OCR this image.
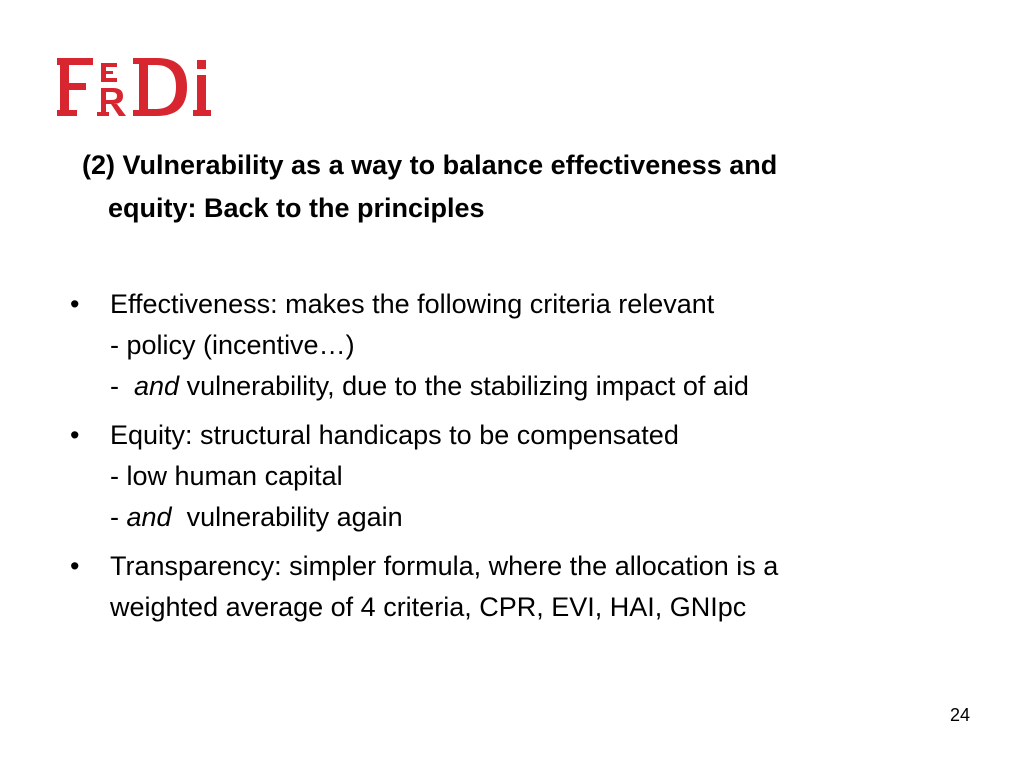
(2) Vulnerability as a way to balance effectiveness and
equity: Back to the principles
• Effectiveness: makes the following criteria relevant
- policy (incentive…)
-  and vulnerability, due to the stabilizing impact of aid
• Equity: structural handicaps to be compensated
- low human capital
- and  vulnerability again
• Transparency: simpler formula, where the allocation is a
weighted average of 4 criteria, CPR, EVI, HAI, GNIpc
24
